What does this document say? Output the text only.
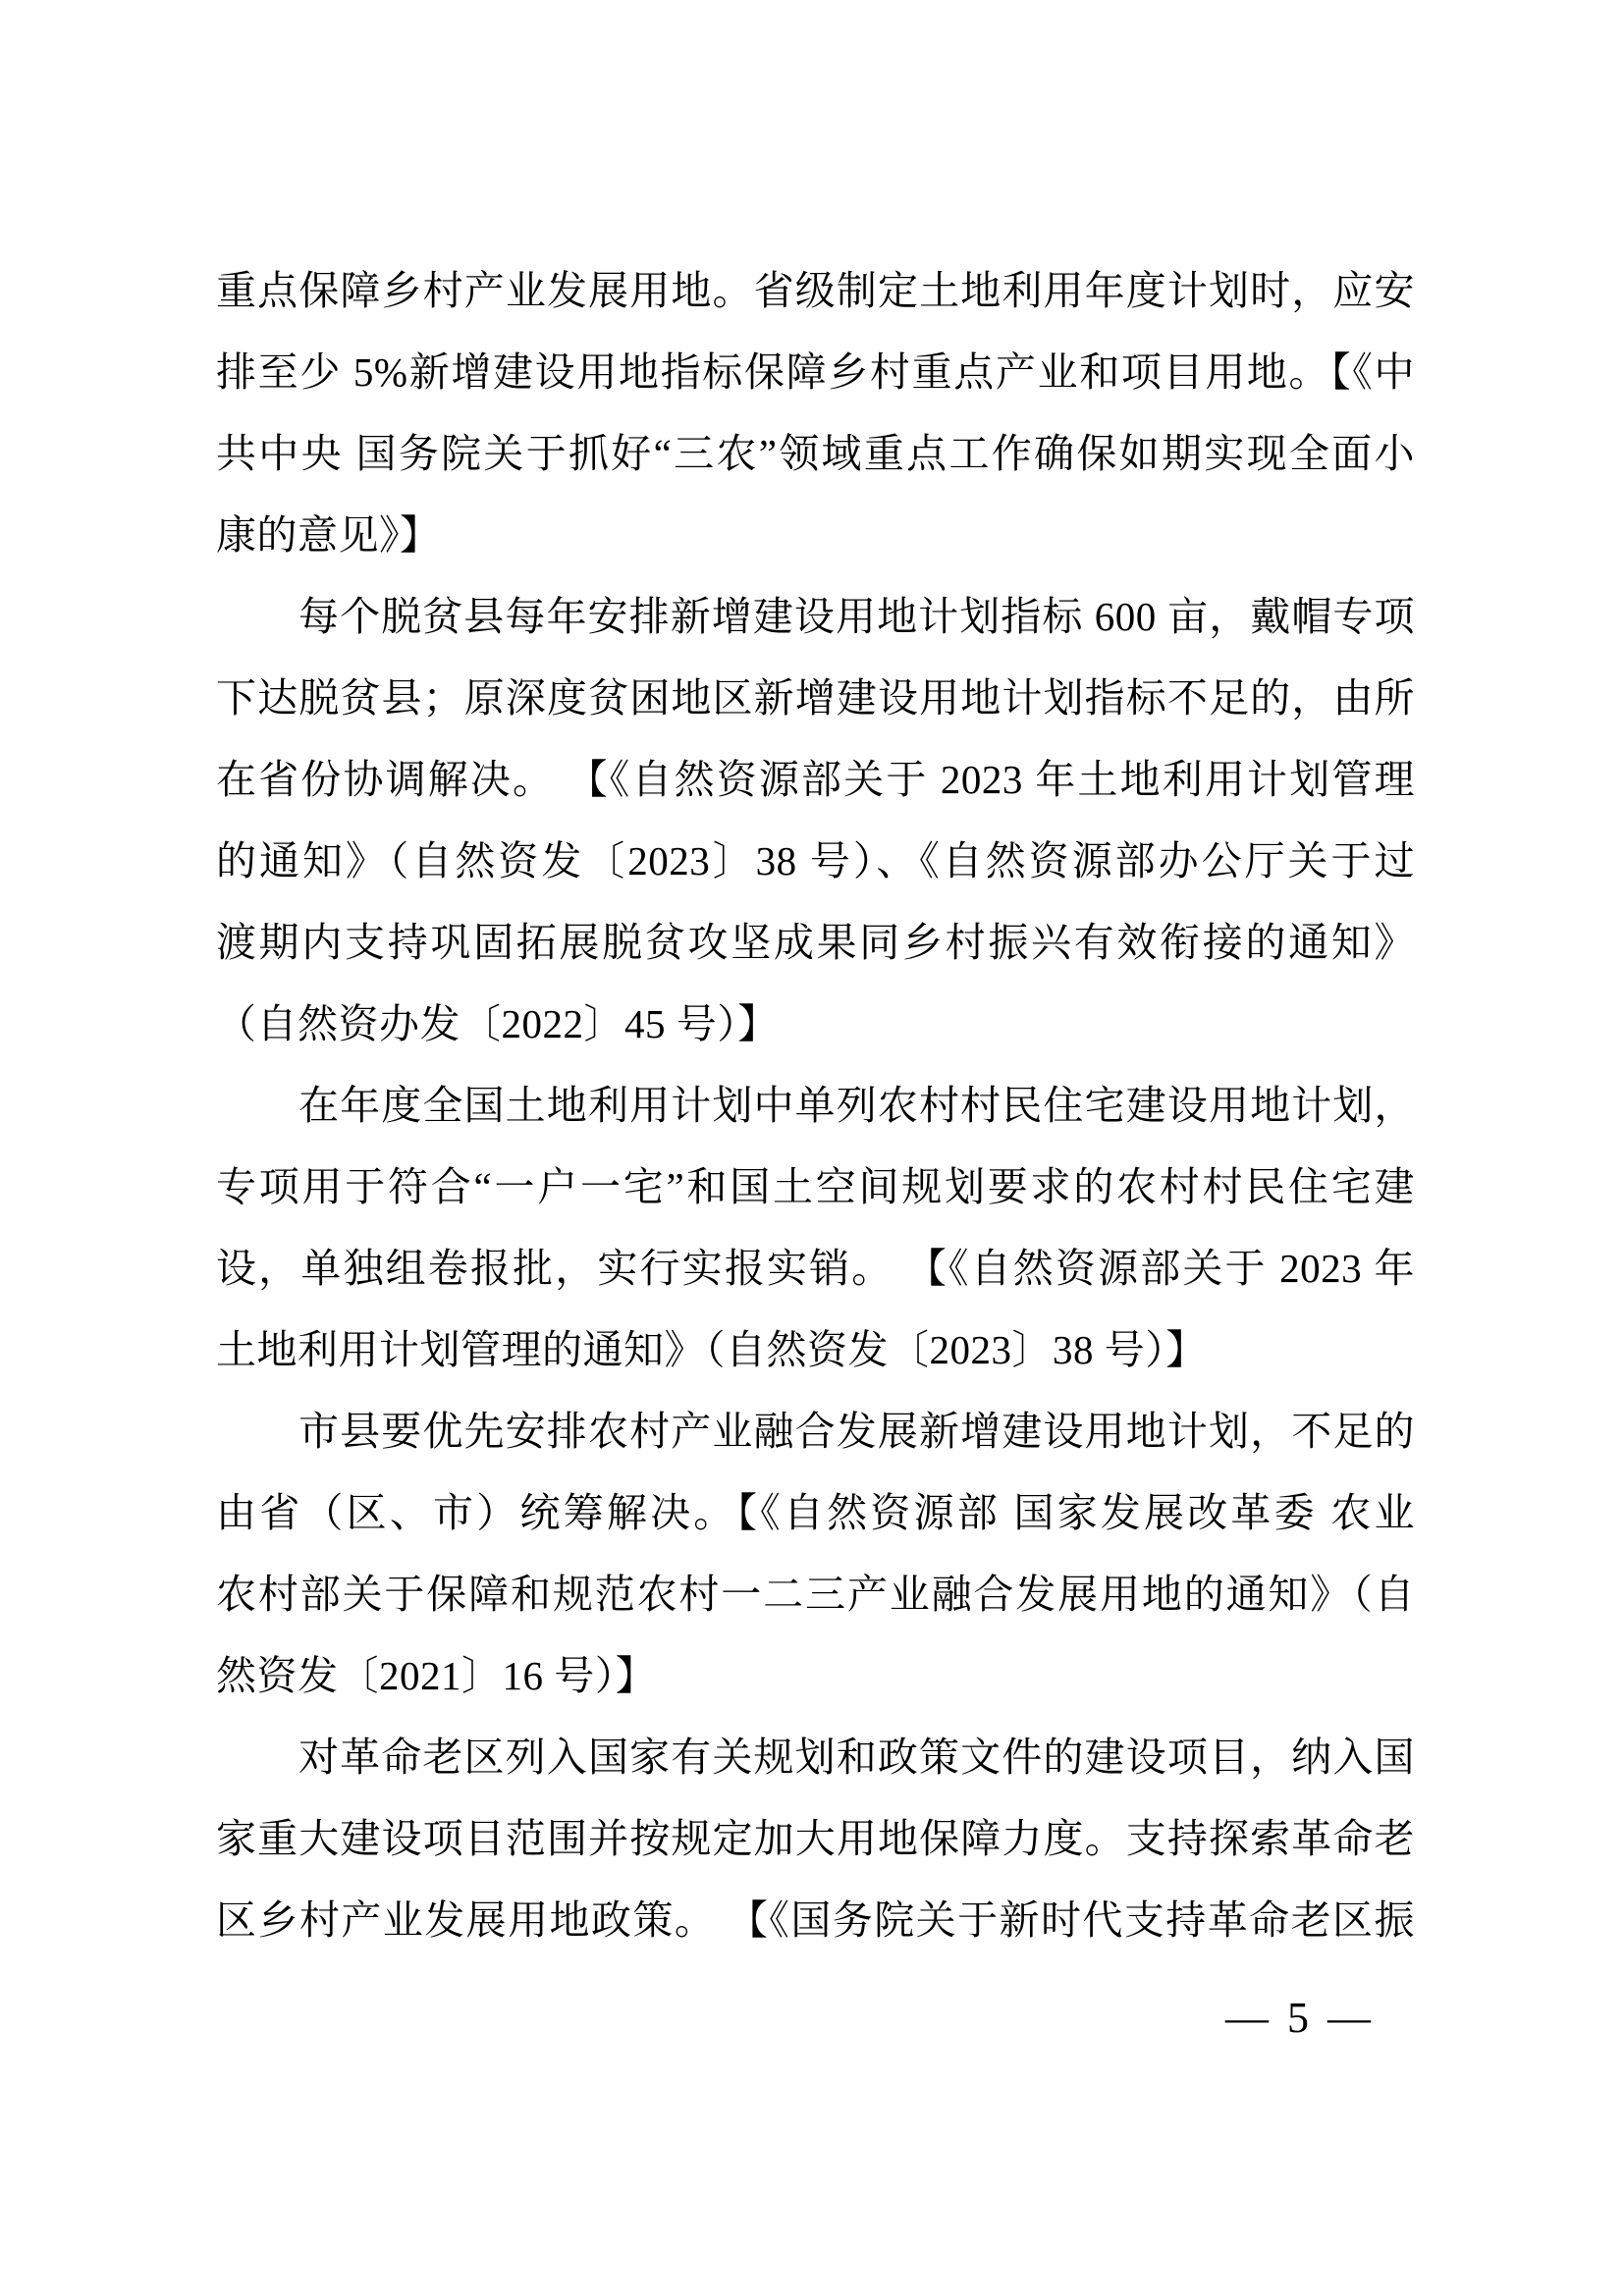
重点保障乡村产业发展用地。省级制定土地利用年度计划时，应安
排至少 5%新增建设用地指标保障乡村重点产业和项目用地。【《中
共中央 国务院关于抓好“三农”领域重点工作确保如期实现全面小
康的意见》】
每个脱贫县每年安排新增建设用地计划指标 600 亩，戴帽专项
下达脱贫县；原深度贫困地区新增建设用地计划指标不足的，由所
在省份协调解决。 【《自然资源部关于 2023 年土地利用计划管理
的通知》（自然资发〔2023〕38 号）、《自然资源部办公厅关于过
渡期内支持巩固拓展脱贫攻坚成果同乡村振兴有效衔接的通知》
（自然资办发〔2022〕45 号）】
在年度全国土地利用计划中单列农村村民住宅建设用地计划，
专项用于符合“一户一宅”和国土空间规划要求的农村村民住宅建
设，单独组卷报批，实行实报实销。 【《自然资源部关于 2023 年
土地利用计划管理的通知》（自然资发〔2023〕38 号）】
市县要优先安排农村产业融合发展新增建设用地计划，不足的
由省（区、市）统筹解决。【《自然资源部 国家发展改革委 农业
农村部关于保障和规范农村一二三产业融合发展用地的通知》（自
然资发〔2021〕16 号）】
对革命老区列入国家有关规划和政策文件的建设项目，纳入国
家重大建设项目范围并按规定加大用地保障力度。支持探索革命老
区乡村产业发展用地政策。 【《国务院关于新时代支持革命老区振
— 5 —
